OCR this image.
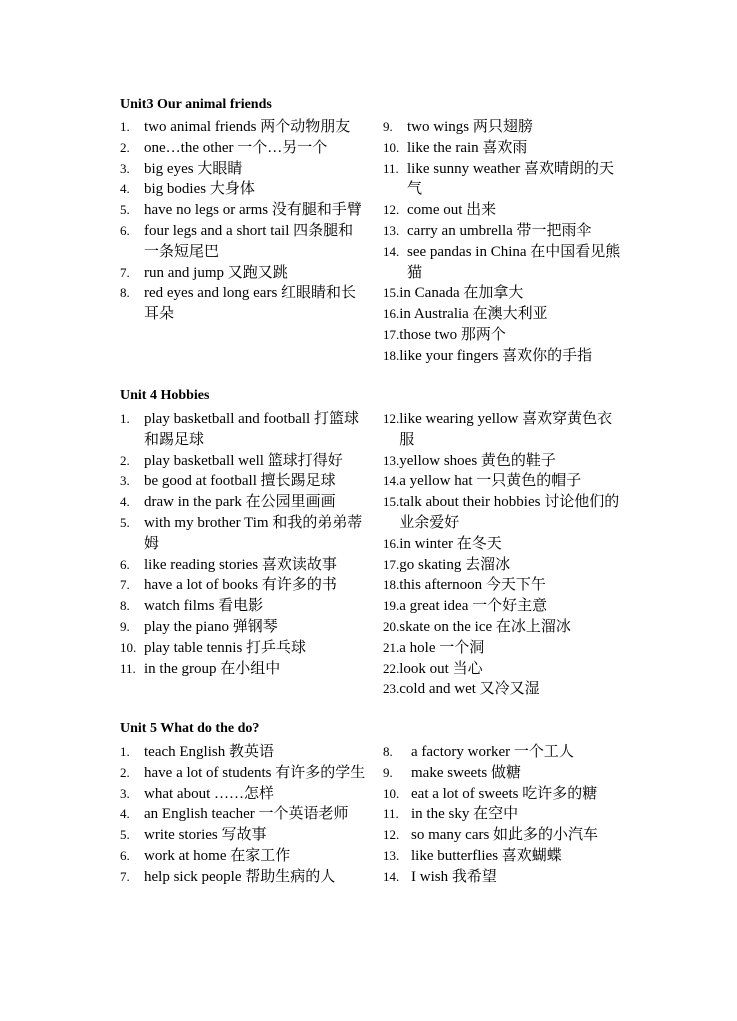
Unit3 Our animal friends
1. two animal friends 两个动物朋友
2. one…the other 一个…另一个
3. big eyes 大眼睛
4. big bodies 大身体
5. have no legs or arms 没有腿和手臂
6. four legs and a short tail 四条腿和一条短尾巴
7. run and jump 又跑又跳
8. red eyes and long ears 红眼睛和长耳朵
9. two wings 两只翅膀
10. like the rain 喜欢雨
11. like sunny weather 喜欢晴朗的天气
12. come out 出来
13. carry an umbrella 带一把雨伞
14. see pandas in China 在中国看见熊猫
15. in Canada 在加拿大
16. in Australia 在澳大利亚
17. those two 那两个
18. like your fingers 喜欢你的手指
Unit 4 Hobbies
1. play basketball and football 打篮球和踢足球
2. play basketball well 篮球打得好
3. be good at football 擅长踢足球
4. draw in the park 在公园里画画
5. with my brother Tim 和我的弟弟蒂姆
6. like reading stories 喜欢读故事
7. have a lot of books 有许多的书
8. watch films 看电影
9. play the piano 弹钢琴
10. play table tennis 打乒乓球
11. in the group 在小组中
12. like wearing yellow 喜欢穿黄色衣服
13. yellow shoes 黄色的鞋子
14. a yellow hat 一只黄色的帽子
15. talk about their hobbies 讨论他们的业余爱好
16. in winter 在冬天
17. go skating 去溜冰
18. this afternoon 今天下午
19. a great idea 一个好主意
20. skate on the ice 在冰上溜冰
21. a hole 一个洞
22. look out 当心
23. cold and wet 又冷又湿
Unit 5 What do the do?
1. teach English 教英语
2. have a lot of students 有许多的学生
3. what about ……怎样
4. an English teacher 一个英语老师
5. write stories 写故事
6. work at home 在家工作
7. help sick people 帮助生病的人
8.	a factory worker 一个工人
9.	make sweets 做糖
10. eat a lot of sweets 吃许多的糖
11. in the sky 在空中
12. so many cars 如此多的小汽车
13. like butterflies 喜欢蝴蝶
14. I wish 我希望
